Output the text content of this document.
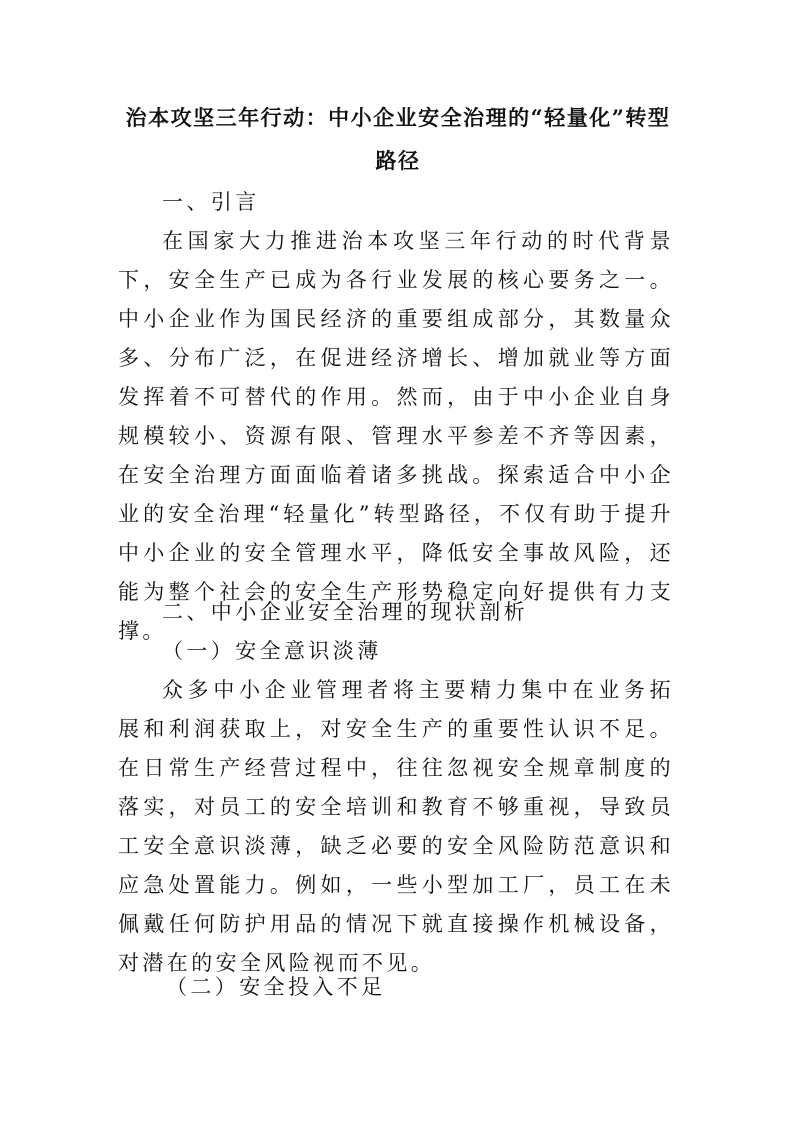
治本攻坚三年行动：中小企业安全治理的“轻量化”转型路径
一、引言
在国家大力推进治本攻坚三年行动的时代背景下，安全生产已成为各行业发展的核心要务之一。中小企业作为国民经济的重要组成部分，其数量众多、分布广泛，在促进经济增长、增加就业等方面发挥着不可替代的作用。然而，由于中小企业自身规模较小、资源有限、管理水平参差不齐等因素，在安全治理方面面临着诸多挑战。探索适合中小企业的安全治理“轻量化”转型路径，不仅有助于提升中小企业的安全管理水平，降低安全事故风险，还能为整个社会的安全生产形势稳定向好提供有力支撑。
二、中小企业安全治理的现状剖析
（一）安全意识淡薄
众多中小企业管理者将主要精力集中在业务拓展和利润获取上，对安全生产的重要性认识不足。在日常生产经营过程中，往往忽视安全规章制度的落实，对员工的安全培训和教育不够重视，导致员工安全意识淡薄，缺乏必要的安全风险防范意识和应急处置能力。例如，一些小型加工厂，员工在未佩戴任何防护用品的情况下就直接操作机械设备，对潜在的安全风险视而不见。
（二）安全投入不足
